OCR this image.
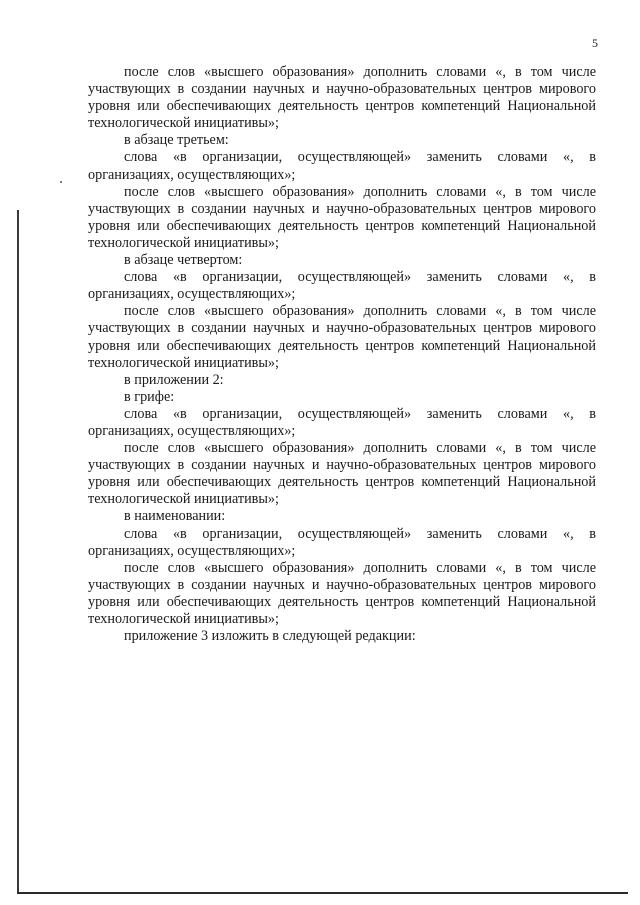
5

после слов «высшего образования» дополнить словами «, в том числе участвующих в создании научных и научно-образовательных центров мирового уровня или обеспечивающих деятельность центров компетенций Национальной технологической инициативы»;

в абзаце третьем:

слова «в организации, осуществляющей» заменить словами «, в организациях, осуществляющих»;

после слов «высшего образования» дополнить словами «, в том числе участвующих в создании научных и научно-образовательных центров мирового уровня или обеспечивающих деятельность центров компетенций Национальной технологической инициативы»;

в абзаце четвертом:

слова «в организации, осуществляющей» заменить словами «, в организациях, осуществляющих»;

после слов «высшего образования» дополнить словами «, в том числе участвующих в создании научных и научно-образовательных центров мирового уровня или обеспечивающих деятельность центров компетенций Национальной технологической инициативы»;

в приложении 2:

в грифе:

слова «в организации, осуществляющей» заменить словами «, в организациях, осуществляющих»;

после слов «высшего образования» дополнить словами «, в том числе участвующих в создании научных и научно-образовательных центров мирового уровня или обеспечивающих деятельность центров компетенций Национальной технологической инициативы»;

в наименовании:

слова «в организации, осуществляющей» заменить словами «, в организациях, осуществляющих»;

после слов «высшего образования» дополнить словами «, в том числе участвующих в создании научных и научно-образовательных центров мирового уровня или обеспечивающих деятельность центров компетенций Национальной технологической инициативы»;

приложение 3 изложить в следующей редакции:
